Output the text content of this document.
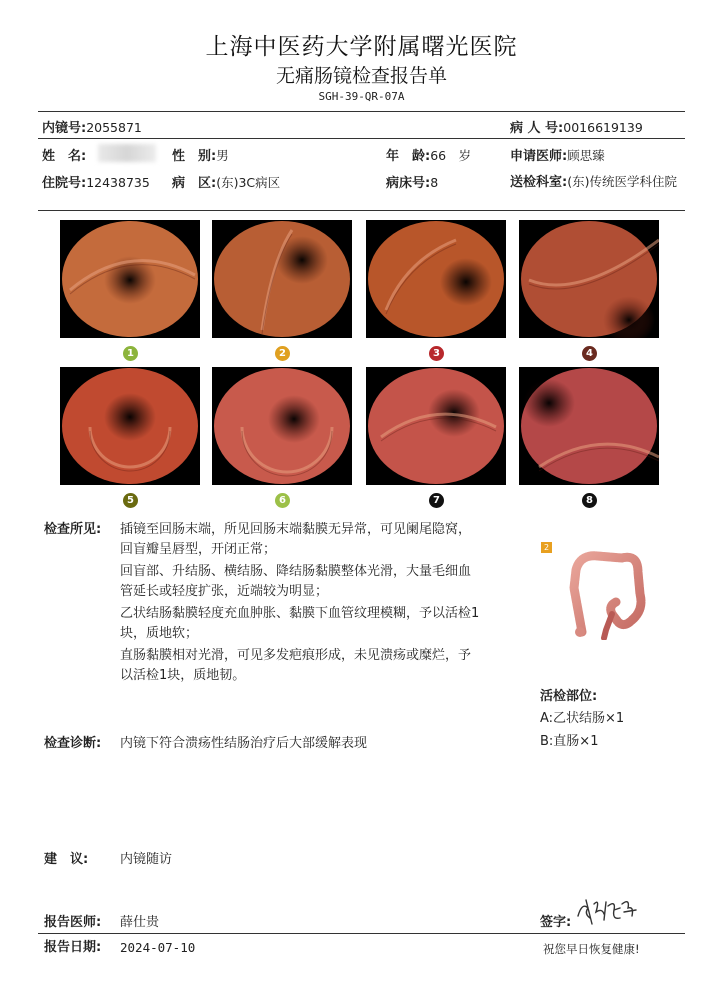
上海中医药大学附属曙光医院
无痛肠镜检查报告单
SGH-39-QR-07A
内镜号:2055871	病 人 号:0016619139
姓　名:	性　别:男	年　龄:66　岁	申请医师:顾思臻
住院号:12438735 病　区:(东)3C病区	病床号:8	送检科室:(东)传统医学科住院
1	2	3	4
5	6	7	8
检查所见: 插镜至回肠末端，所见回肠末端黏膜无异常，可见阑尾隐窝，
回盲瓣呈唇型，开闭正常；
回盲部、升结肠、横结肠、降结肠黏膜整体光滑，大量毛细血
管延长或轻度扩张，近端较为明显；
乙状结肠黏膜轻度充血肿胀、黏膜下血管纹理模糊，予以活检1
块，质地软；
直肠黏膜相对光滑，可见多发疤痕形成，未见溃疡或糜烂，予
以活检1块，质地韧。
2
活检部位:
A:乙状结肠×1
B:直肠×1
检查诊断: 内镜下符合溃疡性结肠治疗后大部缓解表现
建　议: 内镜随访
报告医师: 薛仕贵	签字:
报告日期: 2024-07-10	祝您早日恢复健康!
